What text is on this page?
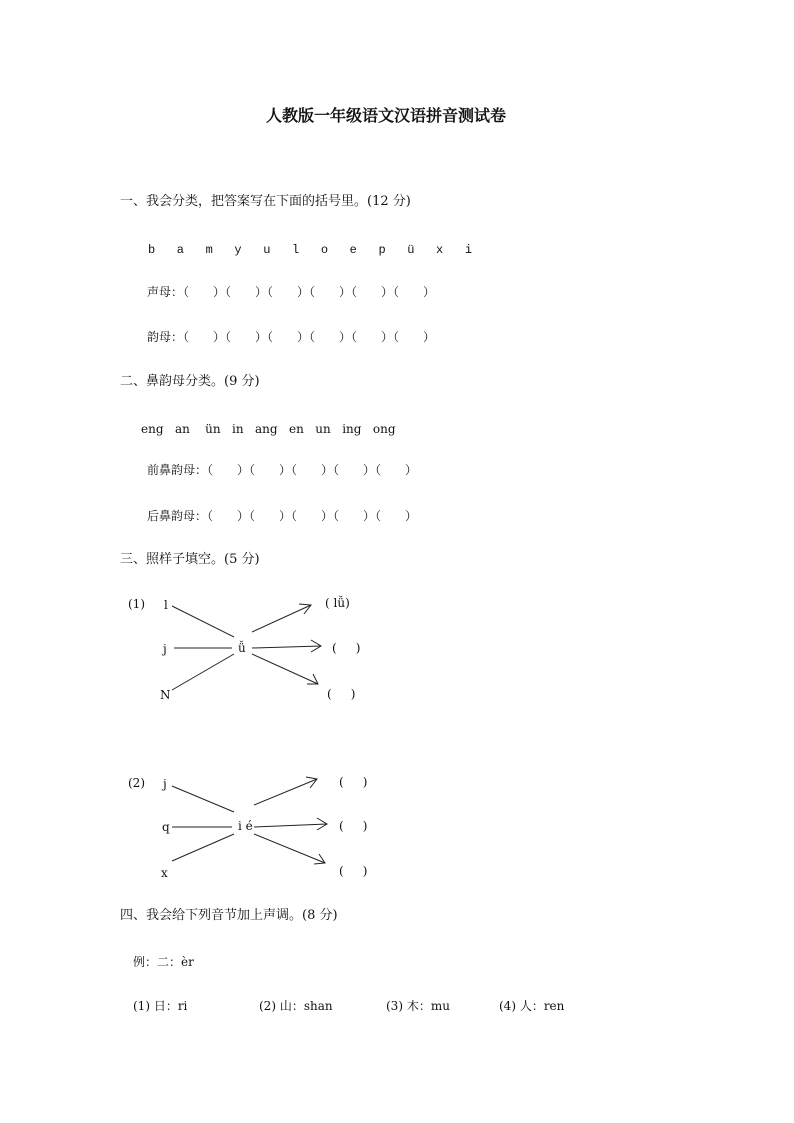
人教版一年级语文汉语拼音测试卷
一、我会分类，把答案写在下面的括号里。(12 分)
b   a   m   y   u   l   o   e   p   ü   x   i
声母：（　　）（　　）（　　）（　　）（　　）（　　）
韵母：（　　）（　　）（　　）（　　）（　　）（　　）
二、鼻韵母分类。(9 分)
eng   an    ün   in   ang   en   un   ing   ong
前鼻韵母：（　　）（　　）（　　）（　　）（　　）
后鼻韵母：（　　）（　　）（　　）（　　）（　　）
三、照样子填空。(5 分)
(1) l
j
N
ǚ
( lǚ)
(     )
(     )
(2) j
q
x
i é
(     )
(     )
(     )
四、我会给下列音节加上声调。(8 分)
例：二：èr
(1) 日：ri	(2) 山：shan	(3) 木：mu	(4) 人：ren
